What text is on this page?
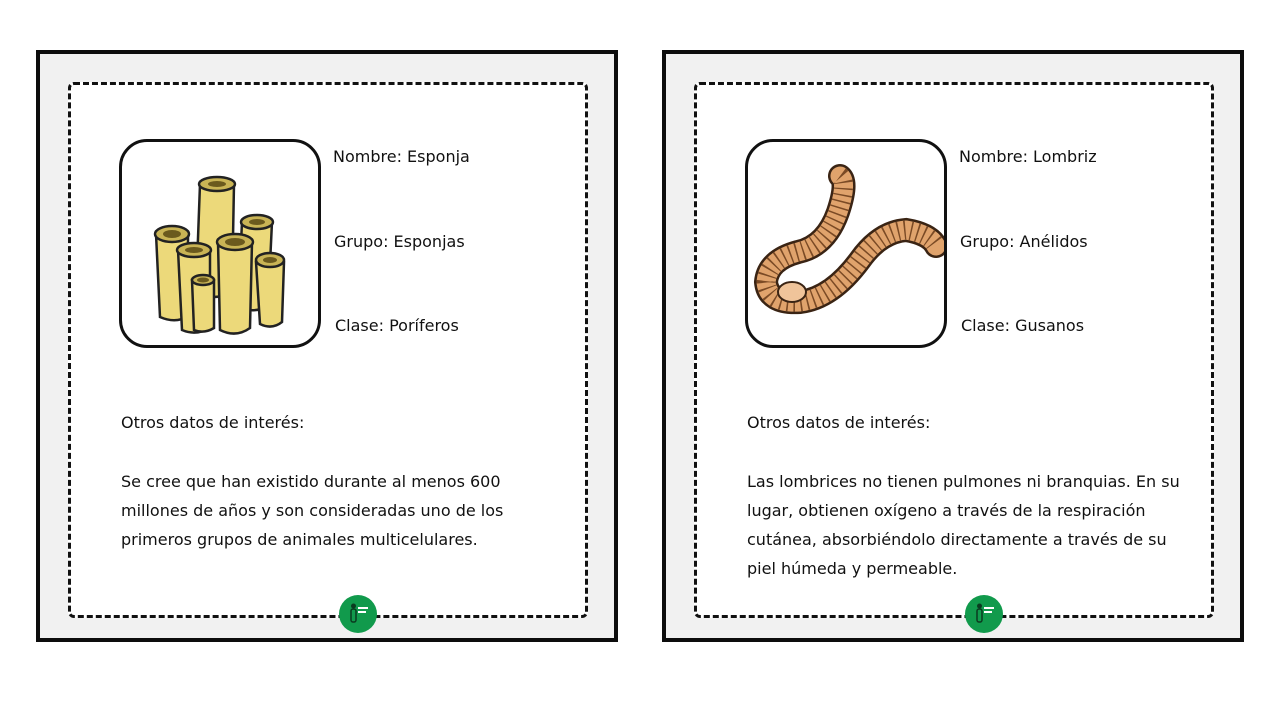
Nombre: Esponja
Grupo: Esponjas
Clase: Poríferos
Otros datos de interés:
Se cree que han existido durante al menos 600 millones de años y son consideradas uno de los primeros grupos de animales multicelulares.
Nombre: Lombriz
Grupo: Anélidos
Clase: Gusanos
Otros datos de interés:
Las lombrices no tienen pulmones ni branquias. En su lugar, obtienen oxígeno a través de la respiración cutánea, absorbiéndolo directamente a través de su piel húmeda y permeable.
